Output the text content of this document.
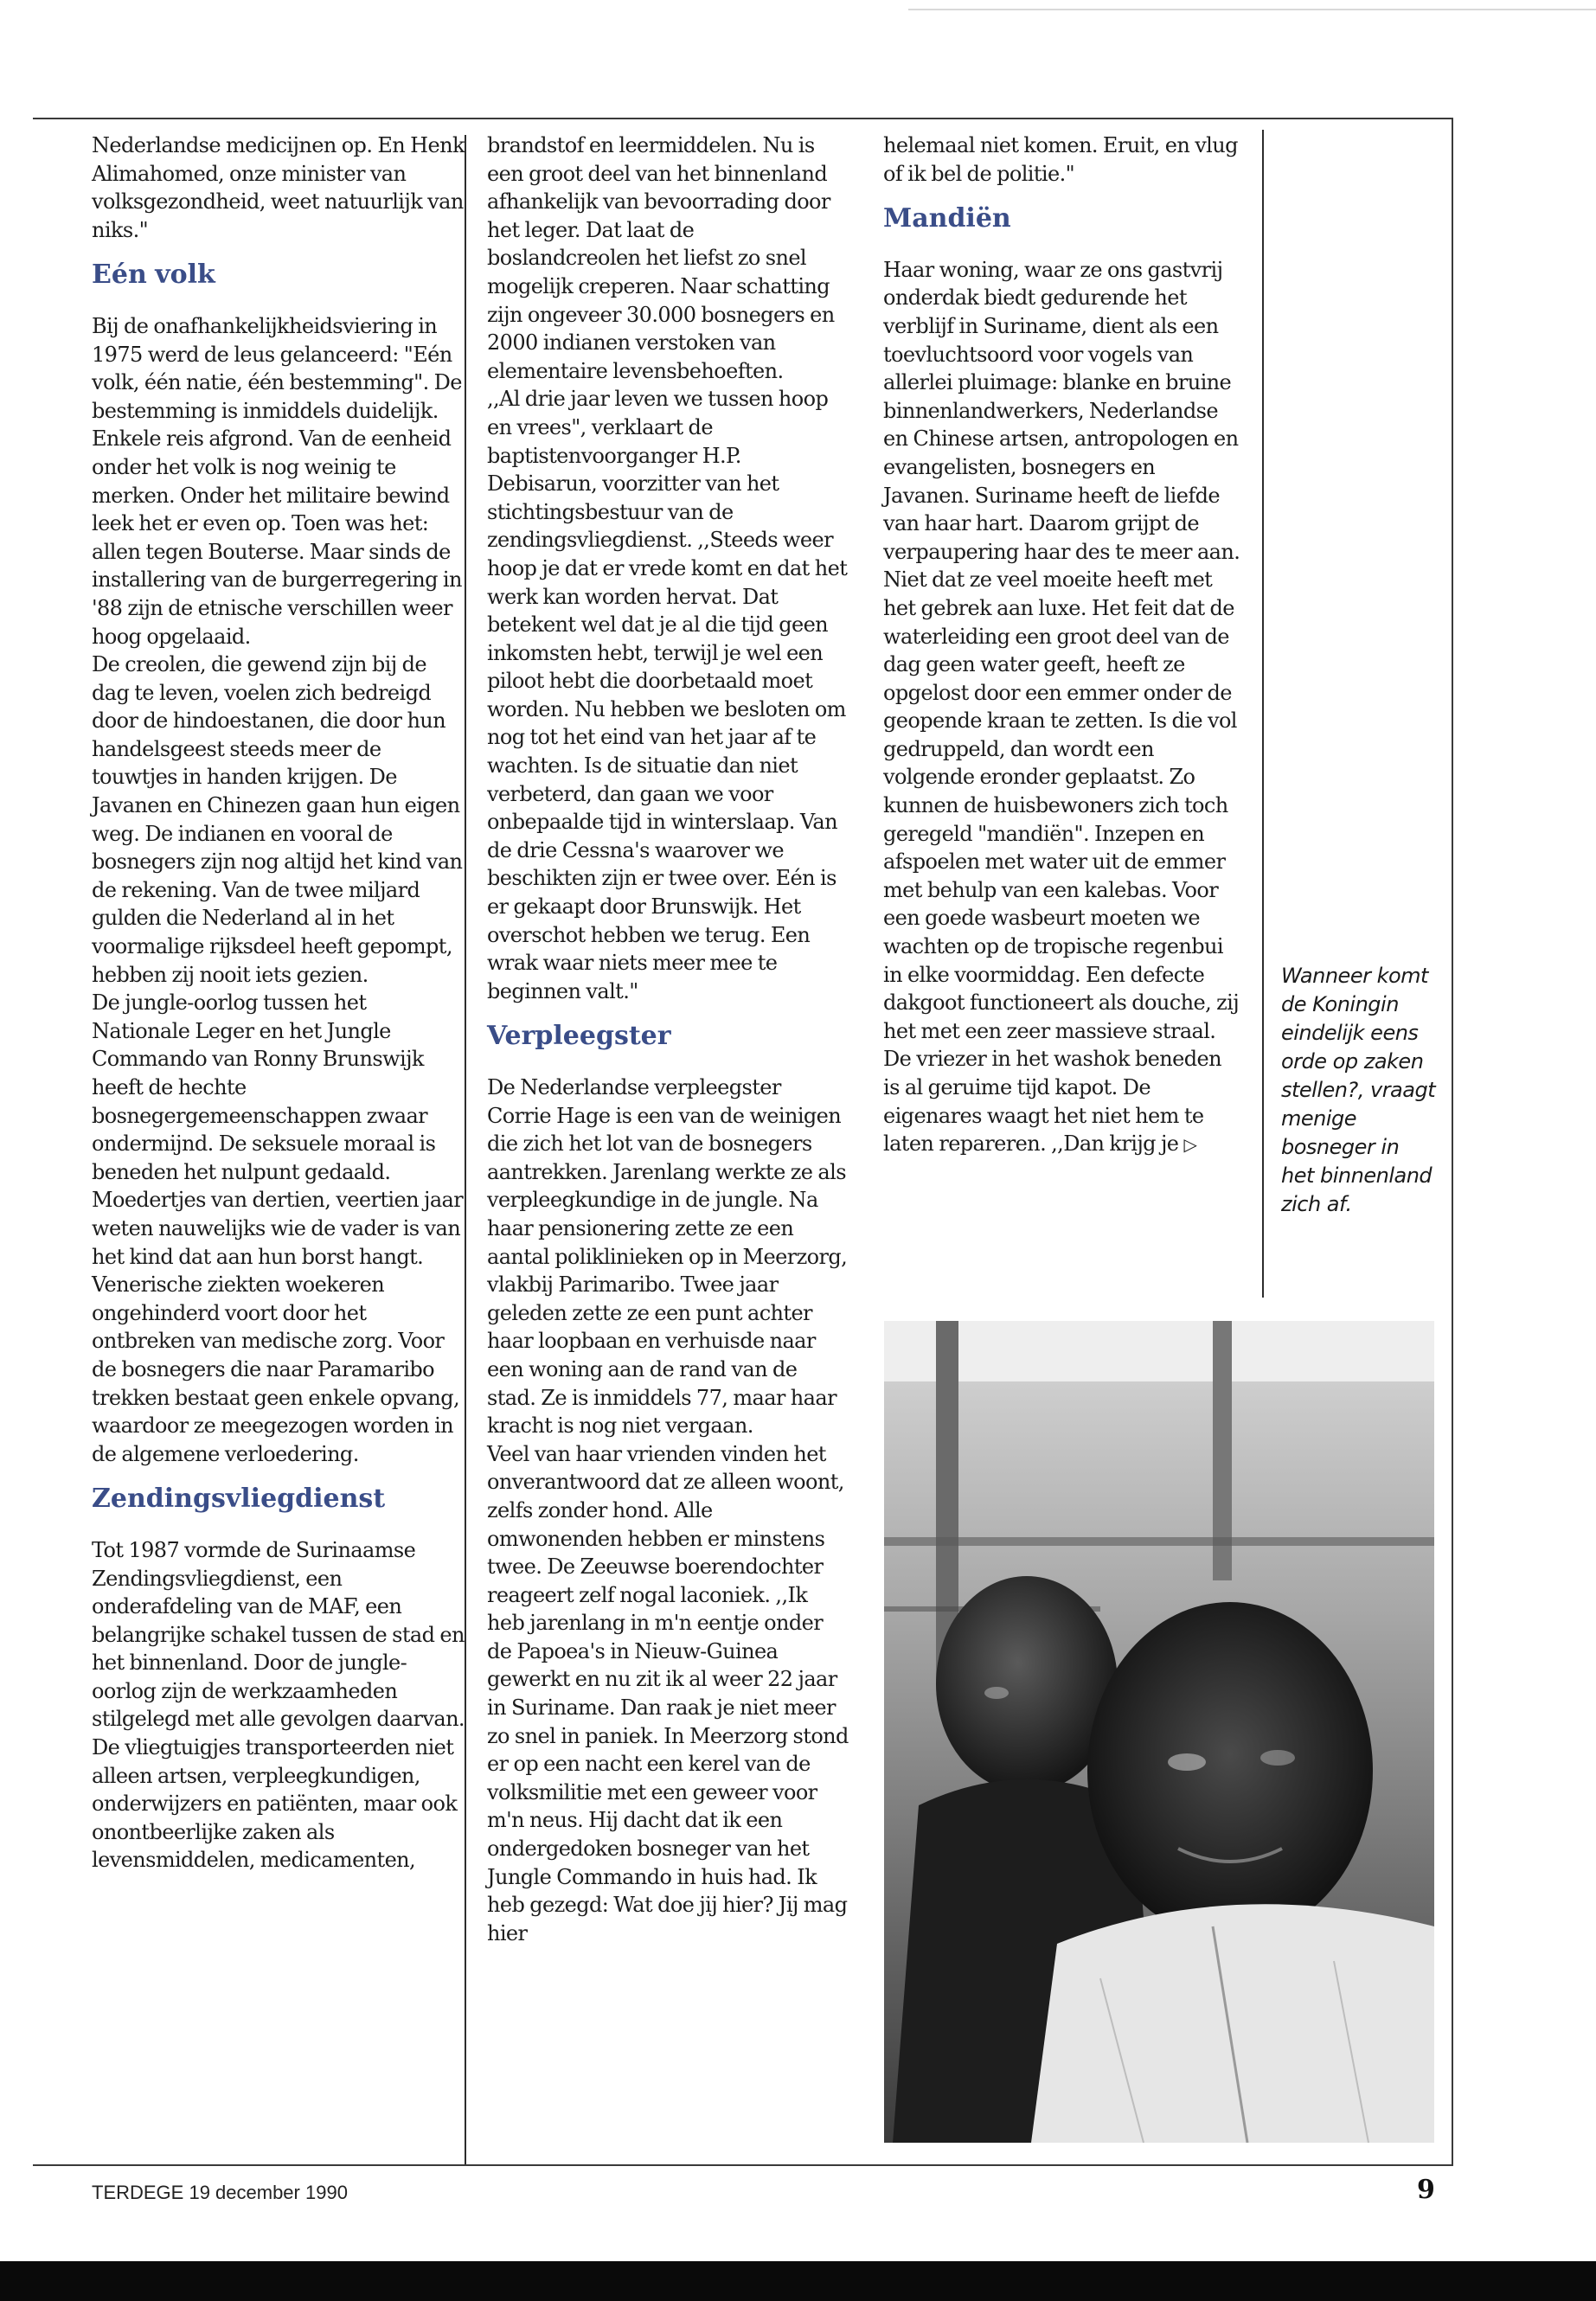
Nederlandse medicijnen op. En Henk Alimahomed, onze minister van volksgezondheid, weet natuurlijk van niks."

Eén volk

Bij de onafhankelijkheidsviering in 1975 werd de leus gelanceerd: "Eén volk, één natie, één bestemming". De bestemming is inmiddels duidelijk. Enkele reis afgrond. Van de eenheid onder het volk is nog weinig te merken. Onder het militaire bewind leek het er even op. Toen was het: allen tegen Bouterse. Maar sinds de installering van de burgerregering in '88 zijn de etnische verschillen weer hoog opgelaaid.

De creolen, die gewend zijn bij de dag te leven, voelen zich bedreigd door de hindoestanen, die door hun handelsgeest steeds meer de touwtjes in handen krijgen. De Javanen en Chinezen gaan hun eigen weg. De indianen en vooral de bosnegers zijn nog altijd het kind van de rekening. Van de twee miljard gulden die Nederland al in het voormalige rijksdeel heeft gepompt, hebben zij nooit iets gezien.

De jungle-oorlog tussen het Nationale Leger en het Jungle Commando van Ronny Brunswijk heeft de hechte bosnegergemeenschappen zwaar ondermijnd. De seksuele moraal is beneden het nulpunt gedaald. Moedertjes van dertien, veertien jaar weten nauwelijks wie de vader is van het kind dat aan hun borst hangt. Venerische ziekten woekeren ongehinderd voort door het ontbreken van medische zorg. Voor de bosnegers die naar Paramaribo trekken bestaat geen enkele opvang, waardoor ze meegezogen worden in de algemene verloedering.

Zendingsvliegdienst

Tot 1987 vormde de Surinaamse Zendingsvliegdienst, een onderafdeling van de MAF, een belangrijke schakel tussen de stad en het binnenland. Door de jungle-oorlog zijn de werkzaamheden stilgelegd met alle gevolgen daarvan. De vliegtuigjes transporteerden niet alleen artsen, verpleegkundigen, onderwijzers en patiënten, maar ook onontbeerlijke zaken als levensmiddelen, medicamenten,

brandstof en leermiddelen. Nu is een groot deel van het binnenland afhankelijk van bevoorrading door het leger. Dat laat de boslandcreolen het liefst zo snel mogelijk creperen. Naar schatting zijn ongeveer 30.000 bosnegers en 2000 indianen verstoken van elementaire levensbehoeften.

,,Al drie jaar leven we tussen hoop en vrees", verklaart de baptistenvoorganger H.P. Debisarun, voorzitter van het stichtingsbestuur van de zendingsvliegdienst. ,,Steeds weer hoop je dat er vrede komt en dat het werk kan worden hervat. Dat betekent wel dat je al die tijd geen inkomsten hebt, terwijl je wel een piloot hebt die doorbetaald moet worden. Nu hebben we besloten om nog tot het eind van het jaar af te wachten. Is de situatie dan niet verbeterd, dan gaan we voor onbepaalde tijd in winterslaap. Van de drie Cessna's waarover we beschikten zijn er twee over. Eén is er gekaapt door Brunswijk. Het overschot hebben we terug. Een wrak waar niets meer mee te beginnen valt."

Verpleegster

De Nederlandse verpleegster Corrie Hage is een van de weinigen die zich het lot van de bosnegers aantrekken. Jarenlang werkte ze als verpleegkundige in de jungle. Na haar pensionering zette ze een aantal poliklinieken op in Meerzorg, vlakbij Parimaribo. Twee jaar geleden zette ze een punt achter haar loopbaan en verhuisde naar een woning aan de rand van de stad. Ze is inmiddels 77, maar haar kracht is nog niet vergaan.

Veel van haar vrienden vinden het onverantwoord dat ze alleen woont, zelfs zonder hond. Alle omwonenden hebben er minstens twee. De Zeeuwse boerendochter reageert zelf nogal laconiek. ,,Ik heb jarenlang in m'n eentje onder de Papoea's in Nieuw-Guinea gewerkt en nu zit ik al weer 22 jaar in Suriname. Dan raak je niet meer zo snel in paniek. In Meerzorg stond er op een nacht een kerel van de volksmilitie met een geweer voor m'n neus. Hij dacht dat ik een ondergedoken bosneger van het Jungle Commando in huis had. Ik heb gezegd: Wat doe jij hier? Jij mag hier

helemaal niet komen. Eruit, en vlug of ik bel de politie."

Mandiën

Haar woning, waar ze ons gastvrij onderdak biedt gedurende het verblijf in Suriname, dient als een toevluchtsoord voor vogels van allerlei pluimage: blanke en bruine binnenlandwerkers, Nederlandse en Chinese artsen, antropologen en evangelisten, bosnegers en Javanen. Suriname heeft de liefde van haar hart. Daarom grijpt de verpaupering haar des te meer aan. Niet dat ze veel moeite heeft met het gebrek aan luxe. Het feit dat de waterleiding een groot deel van de dag geen water geeft, heeft ze opgelost door een emmer onder de geopende kraan te zetten. Is die vol gedruppeld, dan wordt een volgende eronder geplaatst. Zo kunnen de huisbewoners zich toch geregeld "mandiën". Inzepen en afspoelen met water uit de emmer met behulp van een kalebas. Voor een goede wasbeurt moeten we wachten op de tropische regenbui in elke voormiddag. Een defecte dakgoot functioneert als douche, zij het met een zeer massieve straal.

De vriezer in het washok beneden is al geruime tijd kapot. De eigenares waagt het niet hem te laten repareren. ,,Dan krijg je ▷

Wanneer komt de Koningin eindelijk eens orde op zaken stellen?, vraagt menige bosneger in het binnenland zich af.
TERDEGE 19 december 1990	9
